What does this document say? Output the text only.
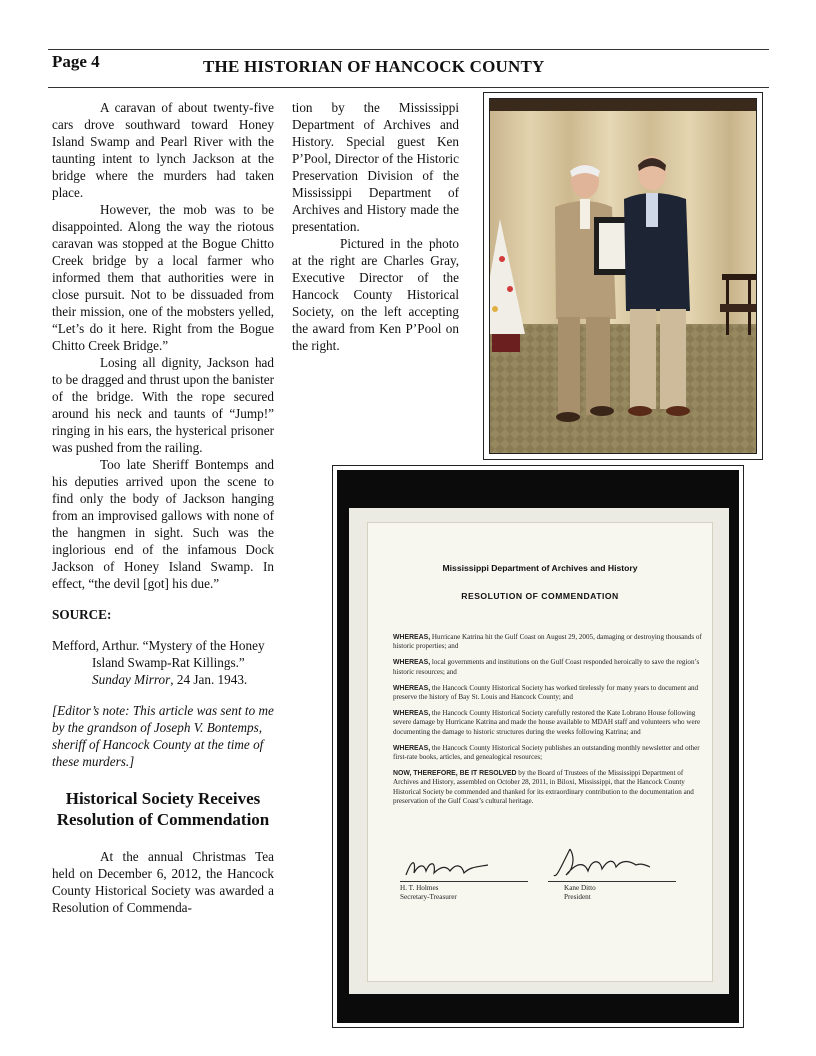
Page 4	THE HISTORIAN OF HANCOCK COUNTY

A caravan of about twenty-five cars drove southward toward Honey Island Swamp and Pearl River with the taunting intent to lynch Jackson at the bridge where the murders had taken place.

However, the mob was to be disappointed. Along the way the riotous caravan was stopped at the Bogue Chitto Creek bridge by a local farmer who informed them that authorities were in close pursuit. Not to be dissuaded from their mission, one of the mobsters yelled, “Let’s do it here. Right from the Bogue Chitto Creek Bridge.”

Losing all dignity, Jackson had to be dragged and thrust upon the banister of the bridge. With the rope secured around his neck and taunts of “Jump!” ringing in his ears, the hysterical prisoner was pushed from the railing.

Too late Sheriff Bontemps and his deputies arrived upon the scene to find only the body of Jackson hanging from an improvised gallows with none of the hangmen in sight. Such was the inglorious end of the infamous Dock Jackson of Honey Island Swamp. In effect, “the devil [got] his due.”

SOURCE:

Mefford, Arthur. “Mystery of the Honey Island Swamp-Rat Killings.” Sunday Mirror, 24 Jan. 1943.

[Editor’s note: This article was sent to me by the grandson of Joseph V. Bontemps, sheriff of Hancock County at the time of these murders.]

Historical Society Receives Resolution of Commendation

At the annual Christmas Tea held on December 6, 2012, the Hancock County Historical Society was awarded a Resolution of Commenda-

tion by the Mississippi Department of Archives and History. Special guest Ken P’Pool, Director of the Historic Preservation Division of the Mississippi Department of Archives and History made the presentation.

Pictured in the photo at the right are Charles Gray, Executive Director of the Hancock County Historical Society, on the left accepting the award from Ken P’Pool on the right.

Mississippi Department of Archives and History
RESOLUTION OF COMMENDATION

WHEREAS, Hurricane Katrina hit the Gulf Coast on August 29, 2005, damaging or destroying thousands of historic properties; and

WHEREAS, local governments and institutions on the Gulf Coast responded heroically to save the region’s historic resources; and

WHEREAS, the Hancock County Historical Society has worked tirelessly for many years to document and preserve the history of Bay St. Louis and Hancock County; and

WHEREAS, the Hancock County Historical Society carefully restored the Kate Lobrano House following severe damage by Hurricane Katrina and made the house available to MDAH staff and volunteers who were documenting the damage to historic structures during the weeks following Katrina; and

WHEREAS, the Hancock County Historical Society publishes an outstanding monthly newsletter and other first-rate books, articles, and genealogical resources;

NOW, THEREFORE, BE IT RESOLVED by the Board of Trustees of the Mississippi Department of Archives and History, assembled on October 28, 2011, in Biloxi, Mississippi, that the Hancock County Historical Society be commended and thanked for its extraordinary contribution to the documentation and preservation of the Gulf Coast’s cultural heritage.

H. T. Holmes
Secretary-Treasurer
Kane Ditto
President
